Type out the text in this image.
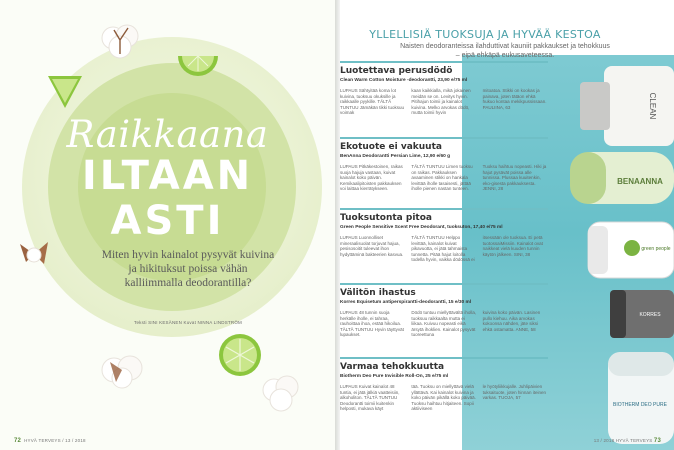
Raikkaana
ILTAAN
ASTI
Miten hyvin kainalot pysyvät kuivina ja hikituksut poissa vähän kalliimmalla deodorantilla?
Teksti SINI KESÄNEN Kuvat NINNA LINDSTRÖM
72 HYVÄ TERVEYS / 13 / 2018
CLEAN
BENAANNA
green people
KORRES
BIOTHERM DEO PURE
YLLELLISIÄ TUOKSUJA JA HYVÄÄ KESTOA
Naisten deodoranteissa ilahduttivat kauniit pakkaukset ja tehokkuus – eipä ehkäpä eukusaveteessa.
Luotettava perusdödö
Clean Warm Cotton Moisture -deodorantti, 23,90 e/75 ml
LUPAUS Sähtyitää koma lot kuivina, tuoksuu okuksille ja raikkaalle pyykille. TÄLTÄ TUNTUU Jämäkän tikki tuoksuu voimak
kaan kaikkialla, mikä jokainen meidän se on. Levitys hyvin. Pitihajun toimii ja kainalot kuivina. Melko arvokas dödö, mutta toimii hyvin
mitoatoa. Stikki on kookas ja painava, joten tätäon ehkä hukuo kontaa mekikpussissaan. PAULIINA, 63
Ekotuote ei vakuuta
BenAnna Deodorantti Persian Lime, 12,90 e/60 g
LUPAUS Pitkäkestoinen, raikas suoja hajuja vastaan, kuivat kainalot koko päivän. Kemikaalipitoisten pakkauksen voi laittaa kierrätykseen.
TÄLTÄ TUNTUU Limen tuoksu on raikas. Pakkauksen avaaminen stikki on hankala levittää iholle tasaisesti, jättää iholle pienen nastan tunteen.
Tuoksu haihtuu nopeasti. Hiki ja hajut pysävät poissa alle tunnissa. Plussaa kuuitenkin, eko-gisesta pakkauksesta. JENNI, 28
Tuoksutonta pitoa
Green People Sensitive Scent Free Deodorant, tuoksuton, 17,40 e/75 ml
LUPAUS Luonnolliset mineraalisuolat torjuvat hajua, pesisosoitit tuleevat ihon hydyttäminä bakteerien kasvua.
TÄLTÄ TUNTUU Helppo levittää, kainalot kuivat pikavuotta, ei jätä tahmaista tunnetta. Pitää hajut loitolla todella hyvin, vaikka dödössä ei
itsessään ole tuoksua. Ei petä tuotossaiMissiin. Kainalot ovat naikkeat vielä kuuden tunnin käytön jälkeen. SINI, 38
Välitön ihastus
Korres Equisetum antiperspirantti-deodorantti, 15 e/30 ml
LUPAUS 48 tunnin suoja herkälle iholle, ei tahraa, rauhoittaa ihoa, estää hikoilua. TÄLTÄ TUNTUU Hyvin täyttyvät lupaukset.
Dödö tuntuu miellyttävältä iholla, tuoksuu raikkaalta mutta ei liikaa. Kuivuu nopeasti eikä ärsytä ihoklien. Kainalot pysyvät tuoreettuna
kuivina koko päivän. Lasinen pullo kiehuu. Aika arvokas kokoonsa nähden, jäte siksi ehkä ostamatta. ANNE, 58
Varmaa tehokkuutta
Biotherm Deo Pure Invisible Roll-On, 25 e/75 ml
LUPAUS Kuivat kainalot 48 tuntia, ei jätä jälkiä vaatteisiin, alkoholiton. TÄLTÄ TUNTUU Deodorantti toimii kuitenkin helposti, mukava käyt
tää. Tuoksu on miellyttävä vielä yllättävä. Kai kainalot kuivina ja koko päivän pikällä koko päivää. Tuoksu haihtuu hitjaiteen. Sopii aktiiviseen
le hyötyliikkujalle. Juhlipäivien tuksaituote, joten hinnan iteinen varkas. TUOJA, 57
13 / 2018 HYVÄ TERVEYS 73
